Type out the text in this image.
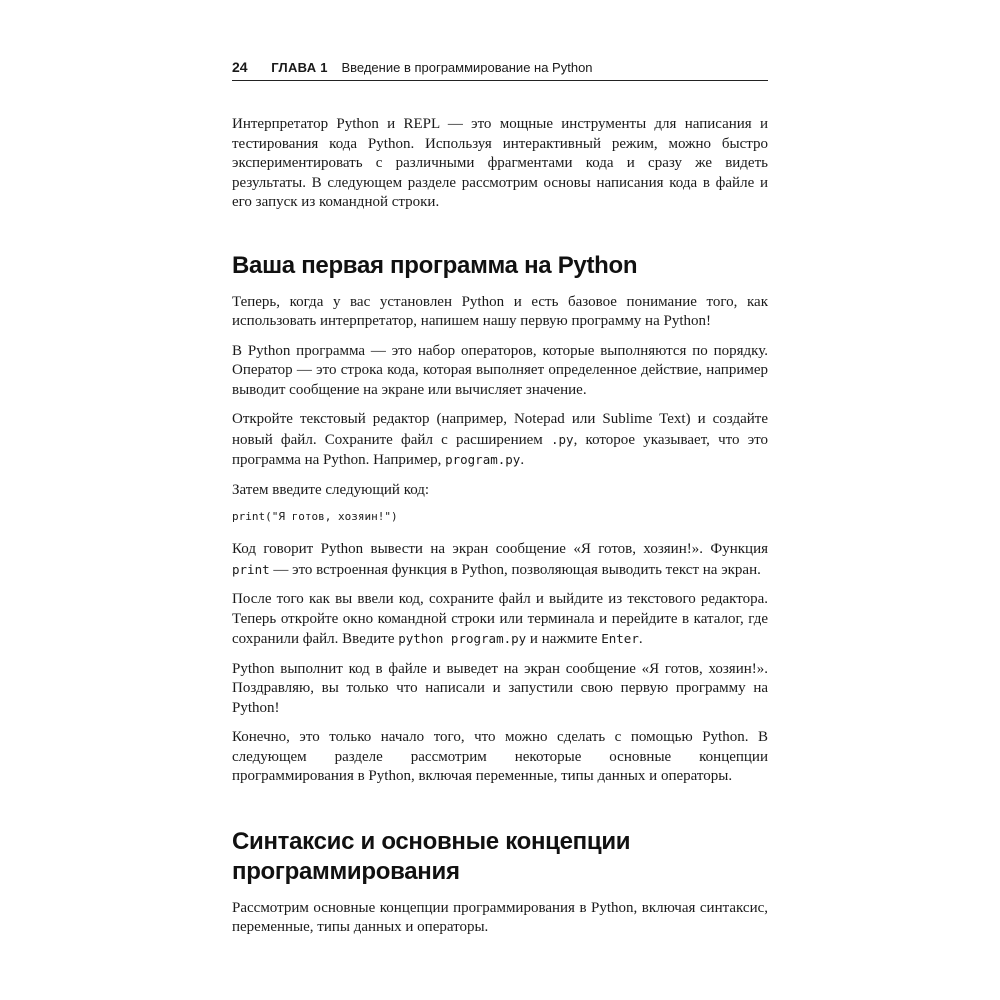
24 ГЛАВА 1 Введение в программирование на Python

Интерпретатор Python и REPL — это мощные инструменты для написания и тестирования кода Python. Используя интерактивный режим, можно быстро экспериментировать с различными фрагментами кода и сразу же видеть результаты. В следующем разделе рассмотрим основы написания кода в файле и его запуск из командной строки.

Ваша первая программа на Python

Теперь, когда у вас установлен Python и есть базовое понимание того, как использовать интерпретатор, напишем нашу первую программу на Python!

В Python программа — это набор операторов, которые выполняются по порядку. Оператор — это строка кода, которая выполняет определенное действие, например выводит сообщение на экране или вычисляет значение.

Откройте текстовый редактор (например, Notepad или Sublime Text) и создайте новый файл. Сохраните файл с расширением .py, которое указывает, что это программа на Python. Например, program.py.

Затем введите следующий код:

print("Я готов, хозяин!")

Код говорит Python вывести на экран сообщение «Я готов, хозяин!». Функция print — это встроенная функция в Python, позволяющая выводить текст на экран.

После того как вы ввели код, сохраните файл и выйдите из текстового редактора. Теперь откройте окно командной строки или терминала и перейдите в каталог, где сохранили файл. Введите python program.py и нажмите Enter.

Python выполнит код в файле и выведет на экран сообщение «Я готов, хозяин!». Поздравляю, вы только что написали и запустили свою первую программу на Python!

Конечно, это только начало того, что можно сделать с помощью Python. В следующем разделе рассмотрим некоторые основные концепции программирования в Python, включая переменные, типы данных и операторы.

Синтаксис и основные концепции программирования

Рассмотрим основные концепции программирования в Python, включая синтаксис, переменные, типы данных и операторы.
